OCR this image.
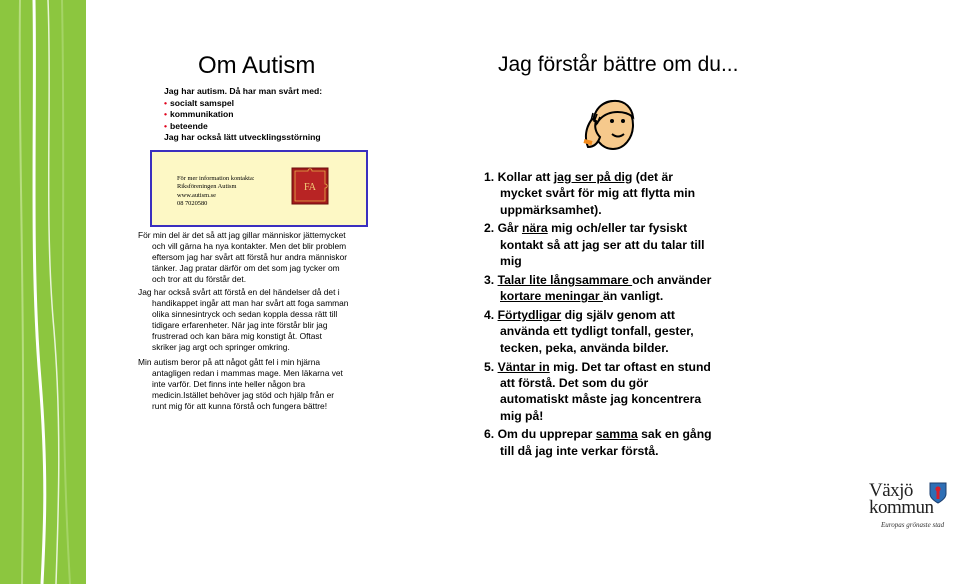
Om Autism
Jag har autism. Då har man svårt med:
• socialt samspel
• kommunikation
• beteende
Jag har också lätt utvecklingsstörning
För mer information kontakta:
Riksföreningen Autism
www.autism.se
08 7020580
FA
För min del är det så att jag gillar människor jättemycket
och vill gärna ha nya kontakter. Men det blir problem
eftersom jag har svårt att förstå hur andra människor
tänker. Jag pratar därför om det som jag tycker om
och tror att du förstår det.
Jag har också svårt att förstå en del händelser då det i
handikappet ingår att man har svårt att foga samman
olika sinnesintryck och sedan koppla dessa rätt till
tidigare erfarenheter. När jag inte förstår blir jag
frustrerad och kan bära mig konstigt åt. Oftast
skriker jag argt och springer omkring.
Min autism beror på att något gått fel i min hjärna
antagligen redan i mammas mage. Men läkarna vet
inte varför. Det finns inte heller någon bra
medicin.Istället behöver jag stöd och hjälp från er
runt mig för att kunna förstå och fungera bättre!
Jag förstår bättre om du...
1. Kollar att jag ser på dig (det är
mycket svårt för mig att flytta min
uppmärksamhet).
2. Går nära mig och/eller tar fysiskt
kontakt så att jag ser att du talar till
mig
3. Talar lite långsammare och använder
kortare meningar än vanligt.
4. Förtydligar dig själv genom att
använda ett tydligt tonfall, gester,
tecken, peka, använda bilder.
5. Väntar in mig. Det tar oftast en stund
att förstå. Det som du gör
automatiskt måste jag koncentrera
mig på!
6. Om du upprepar samma sak en gång
till då jag inte verkar förstå.
Växjö
kommun
Europas grönaste stad
